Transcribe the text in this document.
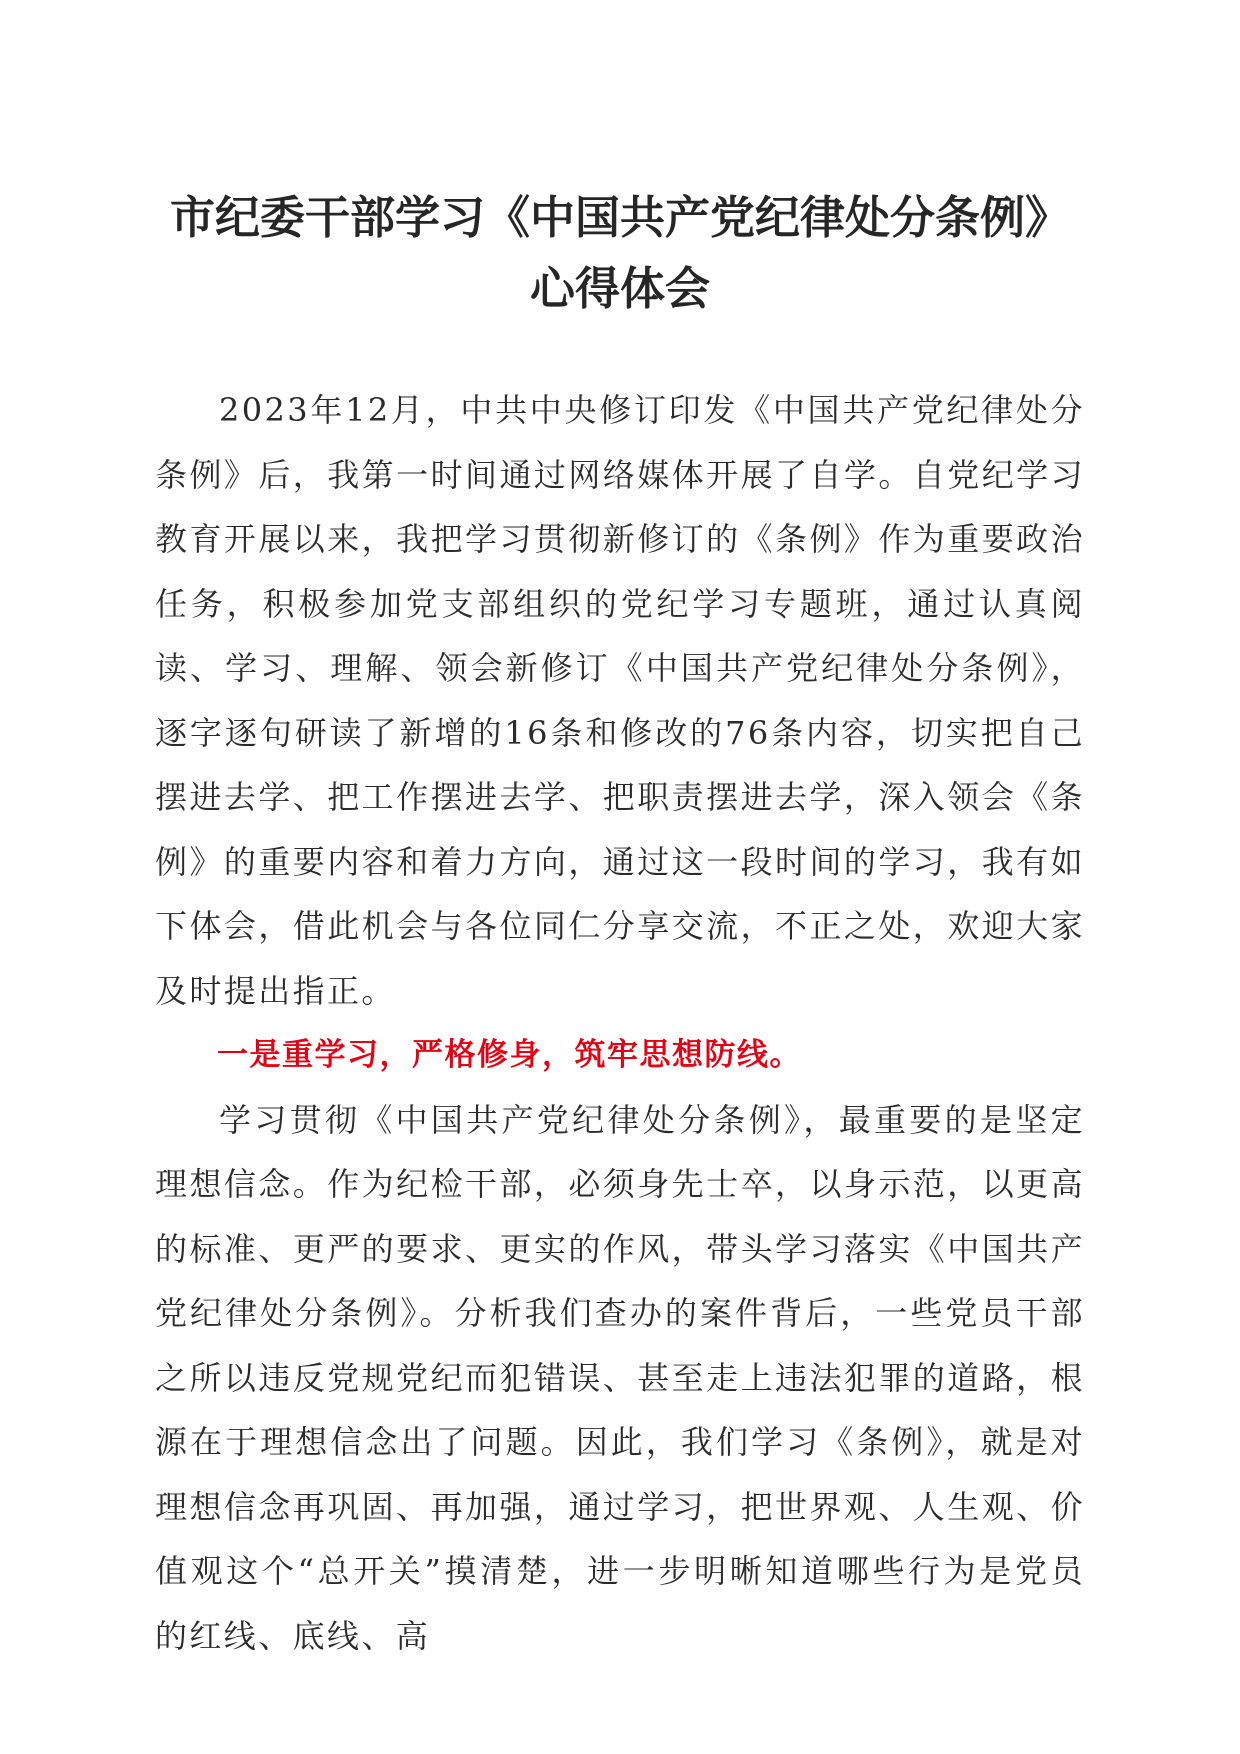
市纪委干部学习《中国共产党纪律处分条例》
心得体会

2023年12月，中共中央修订印发《中国共产党纪律处分条例》后，我第一时间通过网络媒体开展了自学。自党纪学习教育开展以来，我把学习贯彻新修订的《条例》作为重要政治任务，积极参加党支部组织的党纪学习专题班，通过认真阅读、学习、理解、领会新修订《中国共产党纪律处分条例》，逐字逐句研读了新增的16条和修改的76条内容，切实把自己摆进去学、把工作摆进去学、把职责摆进去学，深入领会《条例》的重要内容和着力方向，通过这一段时间的学习，我有如下体会，借此机会与各位同仁分享交流，不正之处，欢迎大家及时提出指正。

一是重学习，严格修身，筑牢思想防线。

学习贯彻《中国共产党纪律处分条例》，最重要的是坚定理想信念。作为纪检干部，必须身先士卒，以身示范，以更高的标准、更严的要求、更实的作风，带头学习落实《中国共产党纪律处分条例》。分析我们查办的案件背后，一些党员干部之所以违反党规党纪而犯错误、甚至走上违法犯罪的道路，根源在于理想信念出了问题。因此，我们学习《条例》，就是对理想信念再巩固、再加强，通过学习，把世界观、人生观、价值观这个“总开关”摸清楚，进一步明晰知道哪些行为是党员的红线、底线、高
